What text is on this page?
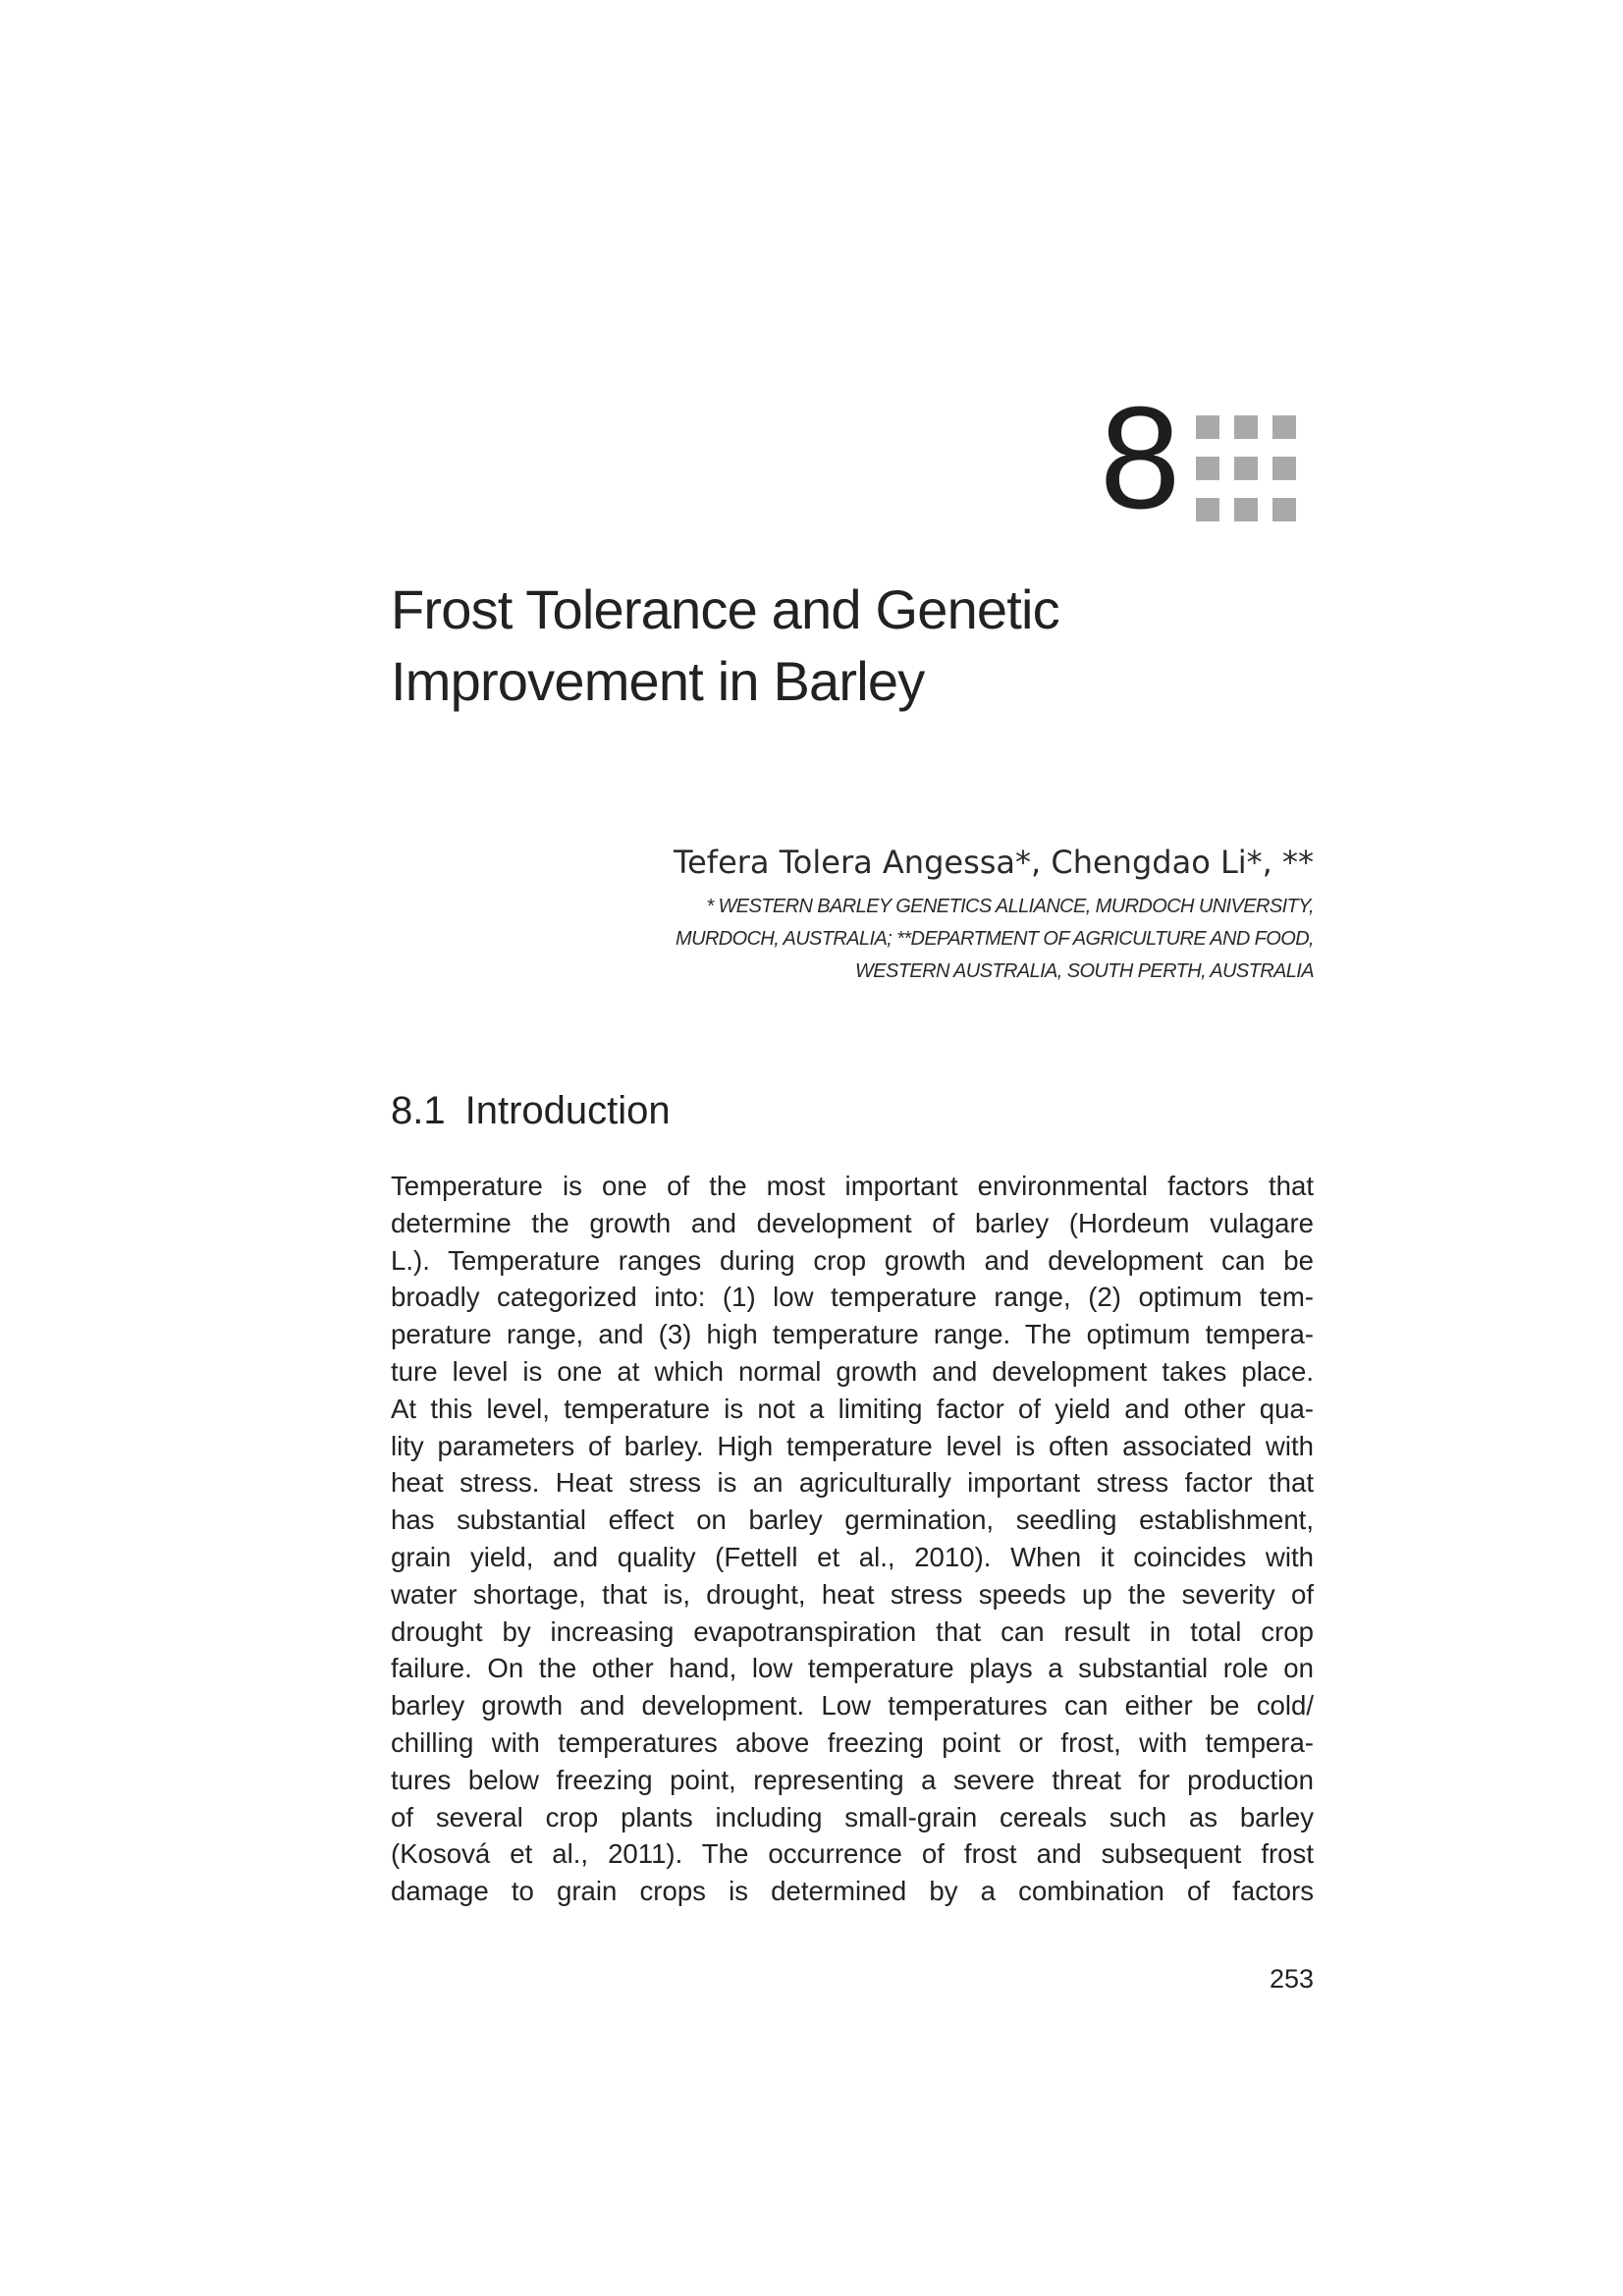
8
Frost Tolerance and Genetic
Improvement in Barley

Tefera Tolera Angessa*, Chengdao Li*, **

* WESTERN BARLEY GENETICS ALLIANCE, MURDOCH UNIVERSITY,
MURDOCH, AUSTRALIA; **DEPARTMENT OF AGRICULTURE AND FOOD,
WESTERN AUSTRALIA, SOUTH PERTH, AUSTRALIA

8.1 Introduction
Temperature is one of the most important environmental factors that
determine the growth and development of barley (Hordeum vulagare
L.). Temperature ranges during crop growth and development can be
broadly categorized into: (1) low temperature range, (2) optimum tem-
perature range, and (3) high temperature range. The optimum tempera-
ture level is one at which normal growth and development takes place.
At this level, temperature is not a limiting factor of yield and other qua-
lity parameters of barley. High temperature level is often associated with
heat stress. Heat stress is an agriculturally important stress factor that
has substantial effect on barley germination, seedling establishment,
grain yield, and quality (Fettell et al., 2010). When it coincides with
water shortage, that is, drought, heat stress speeds up the severity of
drought by increasing evapotranspiration that can result in total crop
failure. On the other hand, low temperature plays a substantial role on
barley growth and development. Low temperatures can either be cold/
chilling with temperatures above freezing point or frost, with tempera-
tures below freezing point, representing a severe threat for production
of several crop plants including small-grain cereals such as barley
(Kosová et al., 2011). The occurrence of frost and subsequent frost
damage to grain crops is determined by a combination of factors
253
